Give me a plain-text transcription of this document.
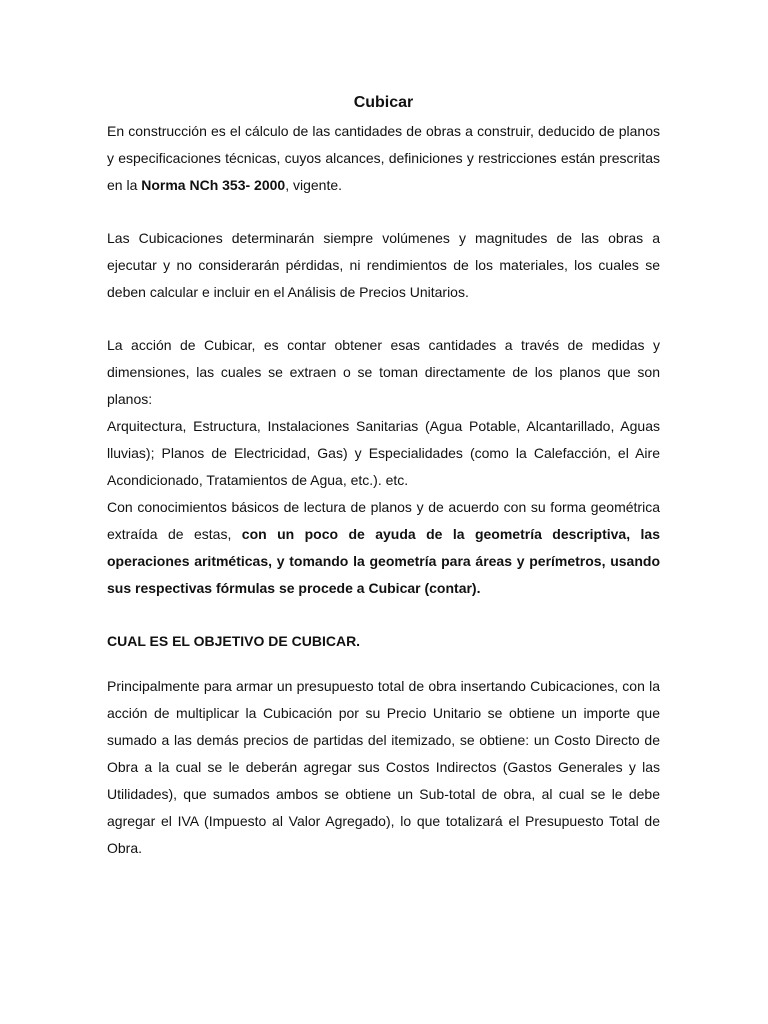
Cubicar

En construcción es el cálculo de las cantidades de obras a construir, deducido de planos y especificaciones técnicas, cuyos alcances, definiciones y restricciones están prescritas en la Norma NCh 353- 2000, vigente.

Las Cubicaciones determinarán siempre volúmenes y magnitudes de las obras a ejecutar y no considerarán pérdidas, ni rendimientos de los materiales, los cuales se deben calcular e incluir en el Análisis de Precios Unitarios.

La acción de Cubicar, es contar obtener esas cantidades a través de medidas y dimensiones, las cuales se extraen o se toman directamente de los planos que son planos:

Arquitectura, Estructura, Instalaciones Sanitarias (Agua Potable, Alcantarillado, Aguas lluvias); Planos de Electricidad, Gas) y Especialidades (como la Calefacción, el Aire Acondicionado, Tratamientos de Agua, etc.). etc.

Con conocimientos básicos de lectura de planos y de acuerdo con su forma geométrica extraída de estas, con un poco de ayuda de la geometría descriptiva, las operaciones aritméticas, y tomando la geometría para áreas y perímetros, usando sus respectivas fórmulas se procede a Cubicar (contar).

CUAL ES EL OBJETIVO DE CUBICAR.

Principalmente para armar un presupuesto total de obra insertando Cubicaciones, con la acción de multiplicar la Cubicación por su Precio Unitario se obtiene un importe que sumado a las demás precios de partidas del itemizado, se obtiene: un Costo Directo de Obra a la cual se le deberán agregar sus Costos Indirectos (Gastos Generales y las Utilidades), que sumados ambos se obtiene un Sub-total de obra, al cual se le debe agregar el IVA (Impuesto al Valor Agregado), lo que totalizará el Presupuesto Total de Obra.
